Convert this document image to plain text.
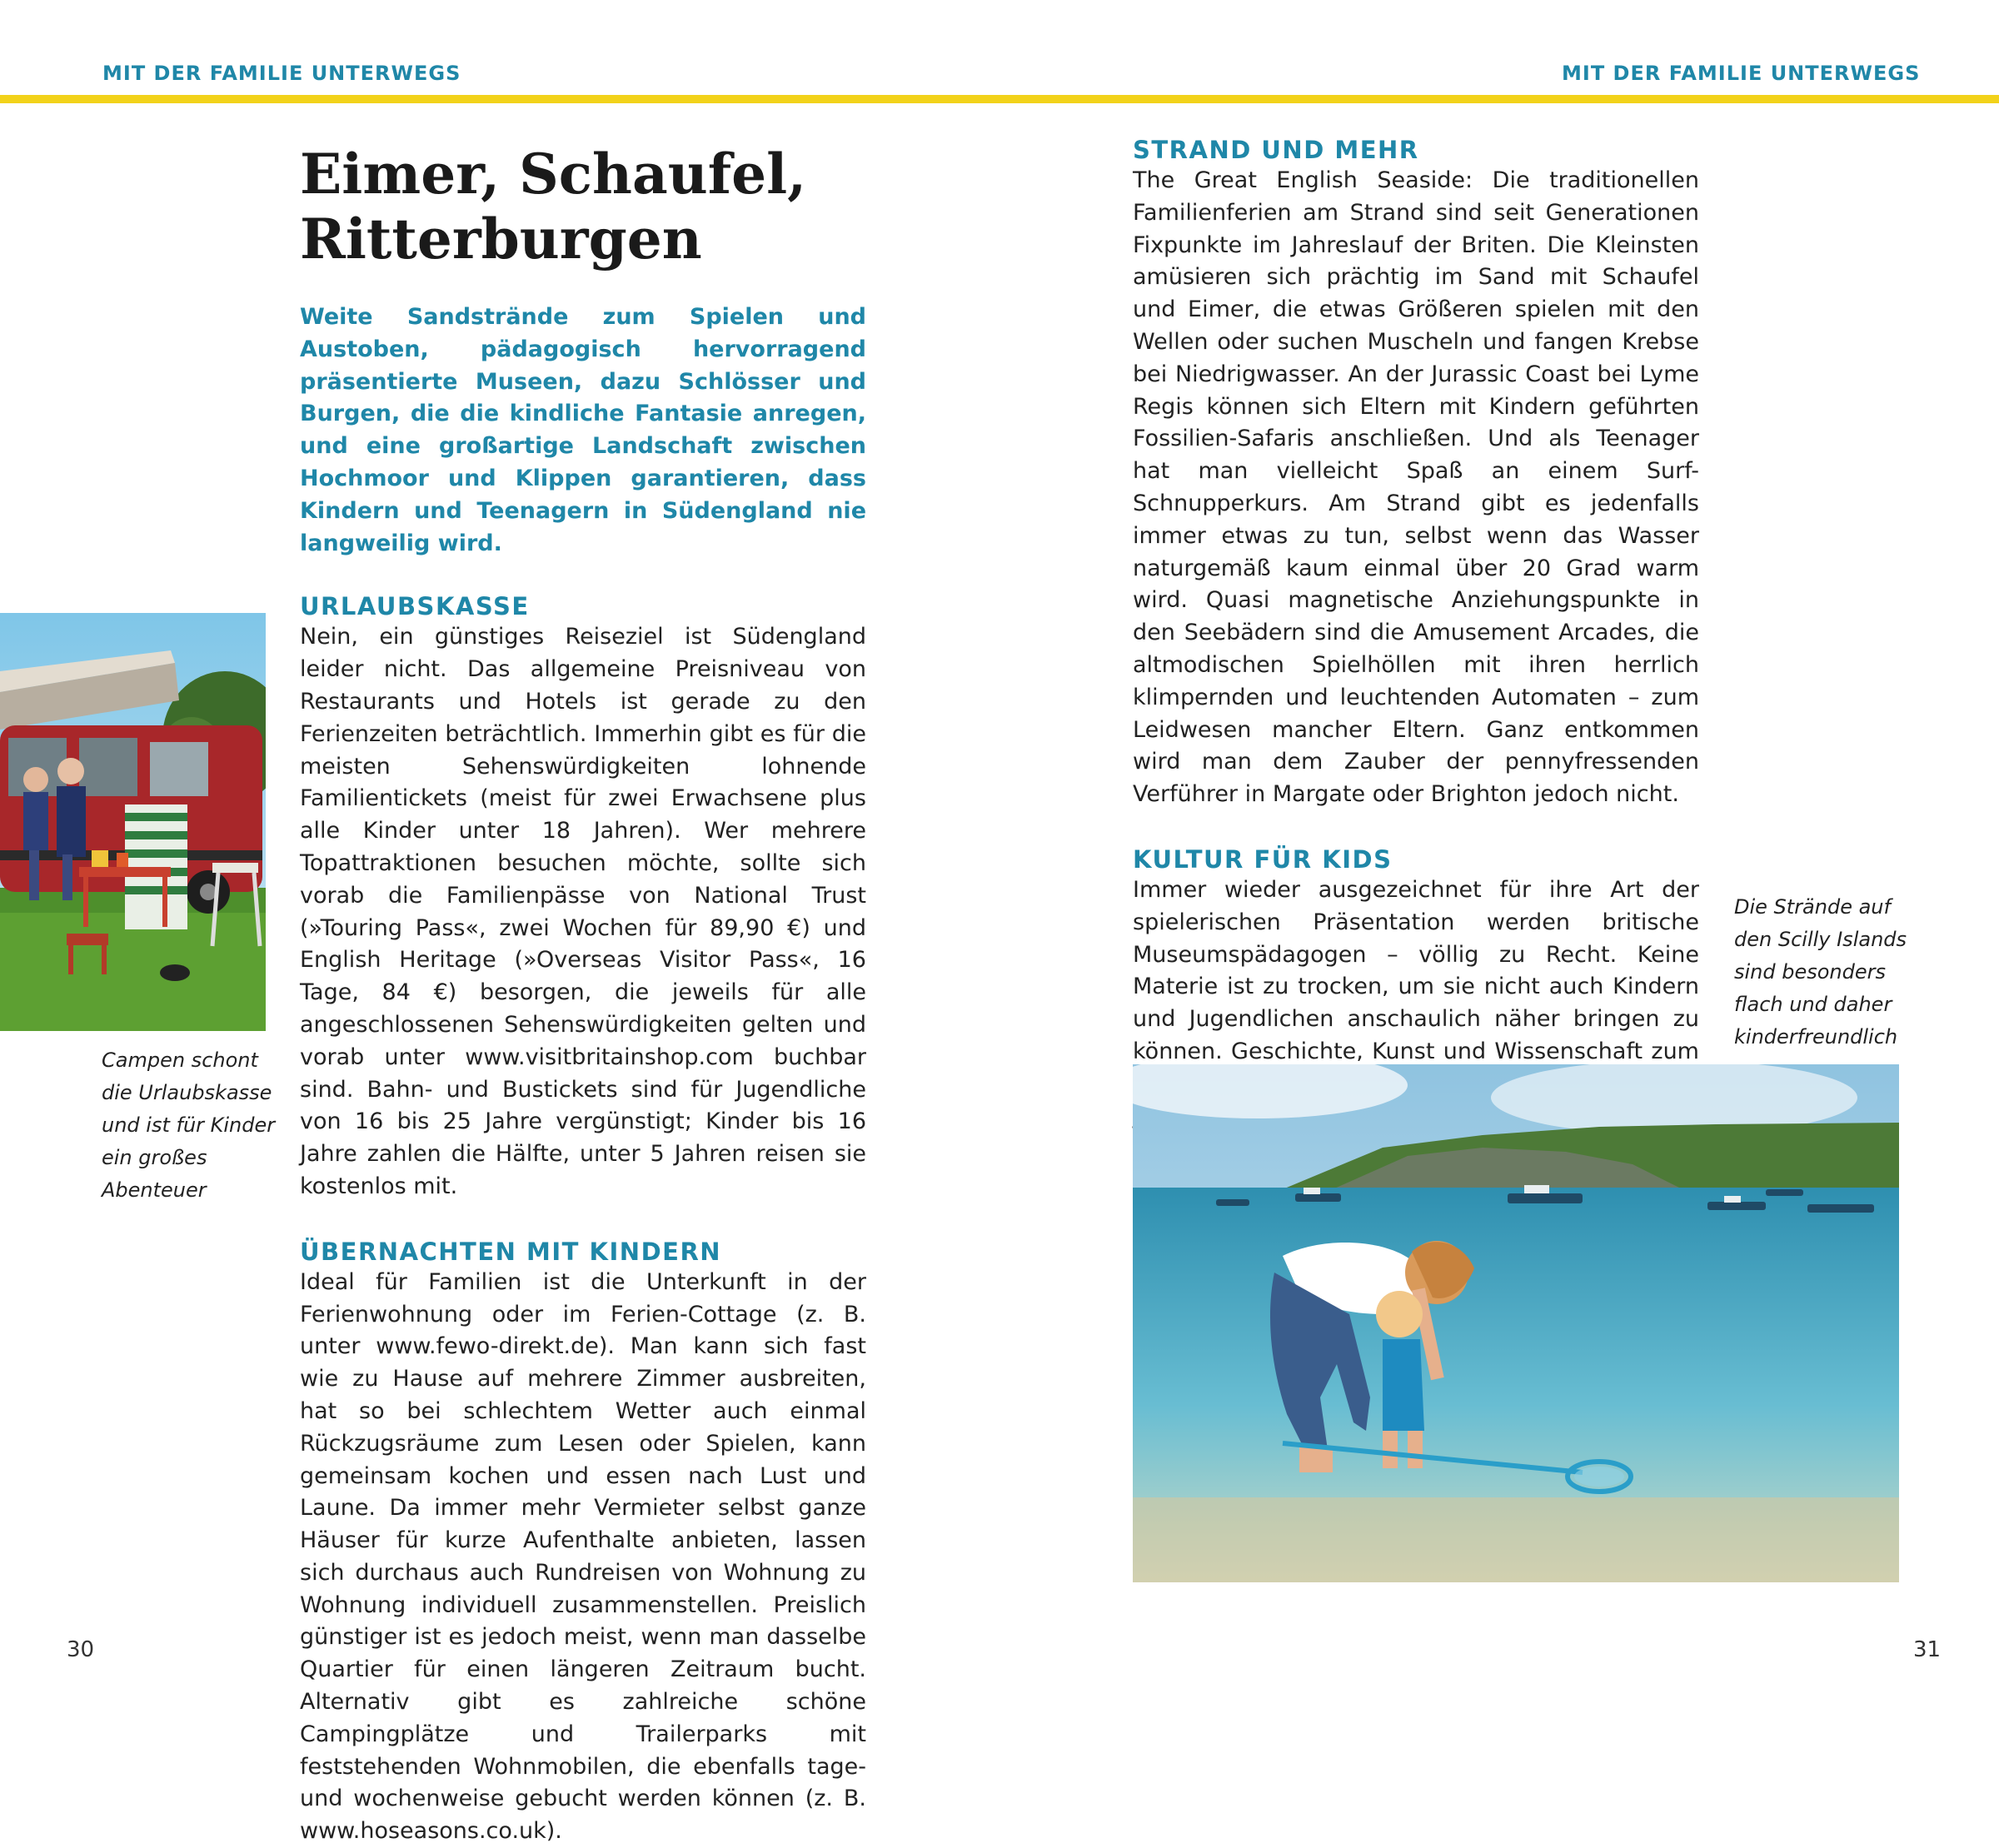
MIT DER FAMILIE UNTERWEGS	MIT DER FAMILIE UNTERWEGS
Campen schont die Urlaubskasse und ist für Kinder ein großes Abenteuer
Eimer, Schaufel,
Ritterburgen

Weite Sandstrände zum Spielen und Austoben, pädagogisch hervorragend präsentierte Museen, dazu Schlösser und Burgen, die die kindliche Fantasie anregen, und eine großartige Landschaft zwischen Hochmoor und Klippen garantieren, dass Kindern und Teenagern in Südengland nie langweilig wird.

URLAUBSKASSE

Nein, ein günstiges Reiseziel ist Südengland leider nicht. Das allgemeine Preisniveau von Restaurants und Hotels ist gerade zu den Ferienzeiten beträchtlich. Immerhin gibt es für die meisten Sehenswürdigkeiten lohnende Familientickets (meist für zwei Erwachsene plus alle Kinder unter 18 Jahren). Wer mehrere Topattraktionen besuchen möchte, sollte sich vorab die Familienpässe von National Trust (»Touring Pass«, zwei Wochen für 89,90 €) und English Heritage (»Overseas Visitor Pass«, 16 Tage, 84 €) besorgen, die jeweils für alle angeschlossenen Sehenswürdigkeiten gelten und vorab unter www.visitbritainshop.com buchbar sind. Bahn- und Bustickets sind für Jugendliche von 16 bis 25 Jahre vergünstigt; Kinder bis 16 Jahre zahlen die Hälfte, unter 5 Jahren reisen sie kostenlos mit.

ÜBERNACHTEN MIT KINDERN

Ideal für Familien ist die Unterkunft in der Ferienwohnung oder im Ferien-Cottage (z. B. unter www.fewo-direkt.de). Man kann sich fast wie zu Hause auf mehrere Zimmer ausbreiten, hat so bei schlechtem Wetter auch einmal Rückzugsräume zum Lesen oder Spielen, kann gemeinsam kochen und essen nach Lust und Laune. Da immer mehr Vermieter selbst ganze Häuser für kurze Aufenthalte anbieten, lassen sich durchaus auch Rundreisen von Wohnung zu Wohnung individuell zusammenstellen. Preislich günstiger ist es jedoch meist, wenn man dasselbe Quartier für einen längeren Zeitraum bucht. Alternativ gibt es zahlreiche schöne Campingplätze und Trailerparks mit feststehenden Wohnmobilen, die ebenfalls tage- und wochenweise gebucht werden können (z. B. www.hoseasons.co.uk).

STRAND UND MEHR

The Great English Seaside: Die traditionellen Familienferien am Strand sind seit Generationen Fixpunkte im Jahreslauf der Briten. Die Kleinsten amüsieren sich prächtig im Sand mit Schaufel und Eimer, die etwas Größeren spielen mit den Wellen oder suchen Muscheln und fangen Krebse bei Niedrigwasser. An der Jurassic Coast bei Lyme Regis können sich Eltern mit Kindern geführten Fossilien-Safaris anschließen. Und als Teenager hat man vielleicht Spaß an einem Surf-Schnupperkurs. Am Strand gibt es jedenfalls immer etwas zu tun, selbst wenn das Wasser naturgemäß kaum einmal über 20 Grad warm wird. Quasi magnetische Anziehungspunkte in den Seebädern sind die Amusement Arcades, die altmodischen Spielhöllen mit ihren herrlich klimpernden und leuchtenden Automaten – zum Leidwesen mancher Eltern. Ganz entkommen wird man dem Zauber der pennyfressenden Verführer in Margate oder Brighton jedoch nicht.

KULTUR FÜR KIDS

Immer wieder ausgezeichnet für ihre Art der spielerischen Präsentation werden britische Museumspädagogen – völlig zu Recht. Keine Materie ist zu trocken, um sie nicht auch Kindern und Jugendlichen anschaulich näher bringen zu können. Geschichte, Kunst und Wissenschaft zum

Die Strände auf den Scilly Islands sind besonders flach und daher kinderfreundlich
30	31
